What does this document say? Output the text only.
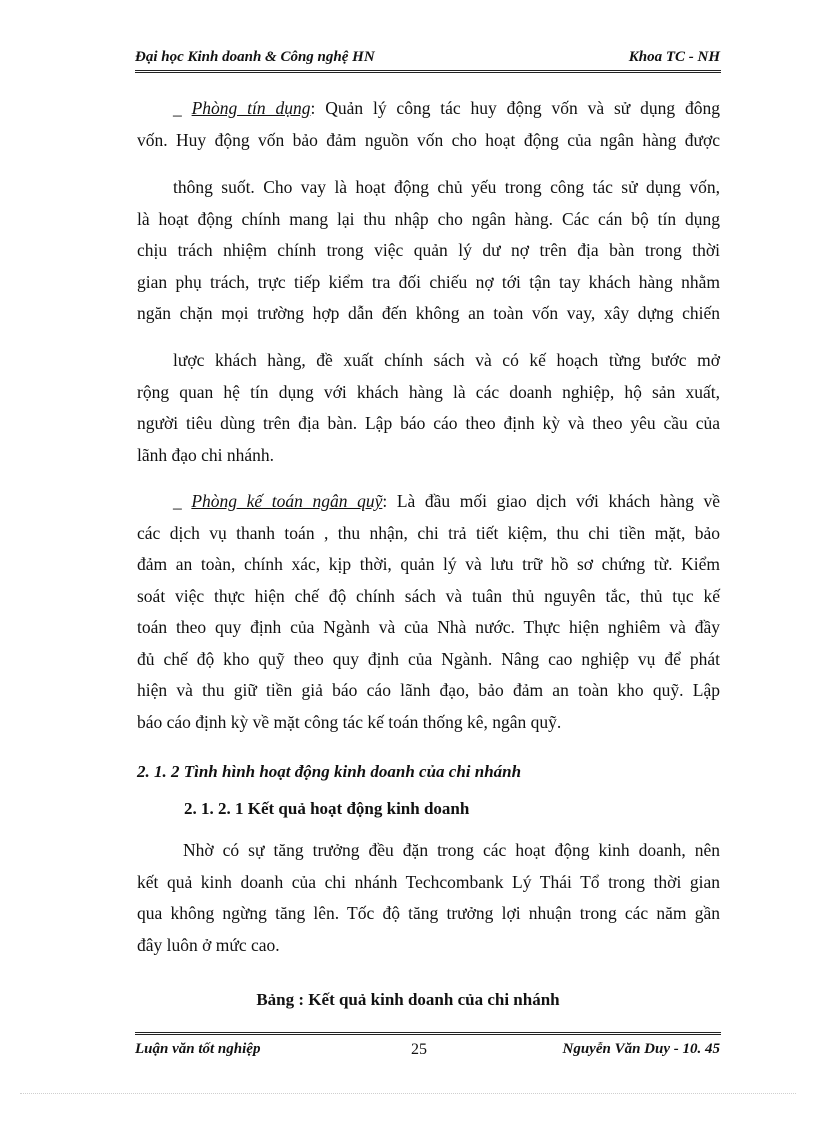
Đại học Kinh doanh & Công nghệ HN	Khoa TC - NH
_ Phòng tín dụng: Quản lý công tác huy động vốn và sử dụng đông
vốn. Huy động vốn bảo đảm nguồn vốn cho hoạt động của ngân hàng được
thông suốt. Cho vay là hoạt động chủ yếu trong công tác sử dụng vốn,
là hoạt động chính mang lại thu nhập cho ngân hàng. Các cán bộ tín dụng
chịu trách nhiệm chính trong việc quản lý dư nợ trên địa bàn trong thời
gian phụ trách, trực tiếp kiểm tra đối chiếu nợ tới tận tay khách hàng nhằm
ngăn chặn mọi trường hợp dẫn đến không an toàn vốn vay, xây dựng chiến
lược khách hàng, đề xuất chính sách và có kế hoạch từng bước mở
rộng quan hệ tín dụng với khách hàng là các doanh nghiệp, hộ sản xuất,
người tiêu dùng trên địa bàn. Lập báo cáo theo định kỳ và theo yêu cầu của
lãnh đạo chi nhánh.
_ Phòng kế toán ngân quỹ: Là đầu mối giao dịch với khách hàng về
các dịch vụ thanh toán , thu nhận, chi trả tiết kiệm, thu chi tiền mặt, bảo
đảm an toàn, chính xác, kịp thời, quản lý và lưu trữ hồ sơ chứng từ. Kiểm
soát việc thực hiện chế độ chính sách và tuân thủ nguyên tắc, thủ tục kế
toán theo quy định của Ngành và của Nhà nước. Thực hiện nghiêm và đầy
đủ chế độ kho quỹ theo quy định của Ngành. Nâng cao nghiệp vụ để phát
hiện và thu giữ tiền giả báo cáo lãnh đạo, bảo đảm an toàn kho quỹ. Lập
báo cáo định kỳ về mặt công tác kế toán thống kê, ngân quỹ.
2. 1. 2 Tình hình hoạt động kinh doanh của chi nhánh
2. 1. 2. 1 Kết quả hoạt động kinh doanh
Nhờ có sự tăng trưởng đều đặn trong các hoạt động kinh doanh, nên
kết quả kinh doanh của chi nhánh Techcombank Lý Thái Tổ trong thời gian
qua không ngừng tăng lên. Tốc độ tăng trưởng lợi nhuận trong các năm gần
đây luôn ở mức cao.
Bảng : Kết quả kinh doanh của chi nhánh
Luận văn tốt nghiệp	25	Nguyễn Văn Duy - 10. 45
